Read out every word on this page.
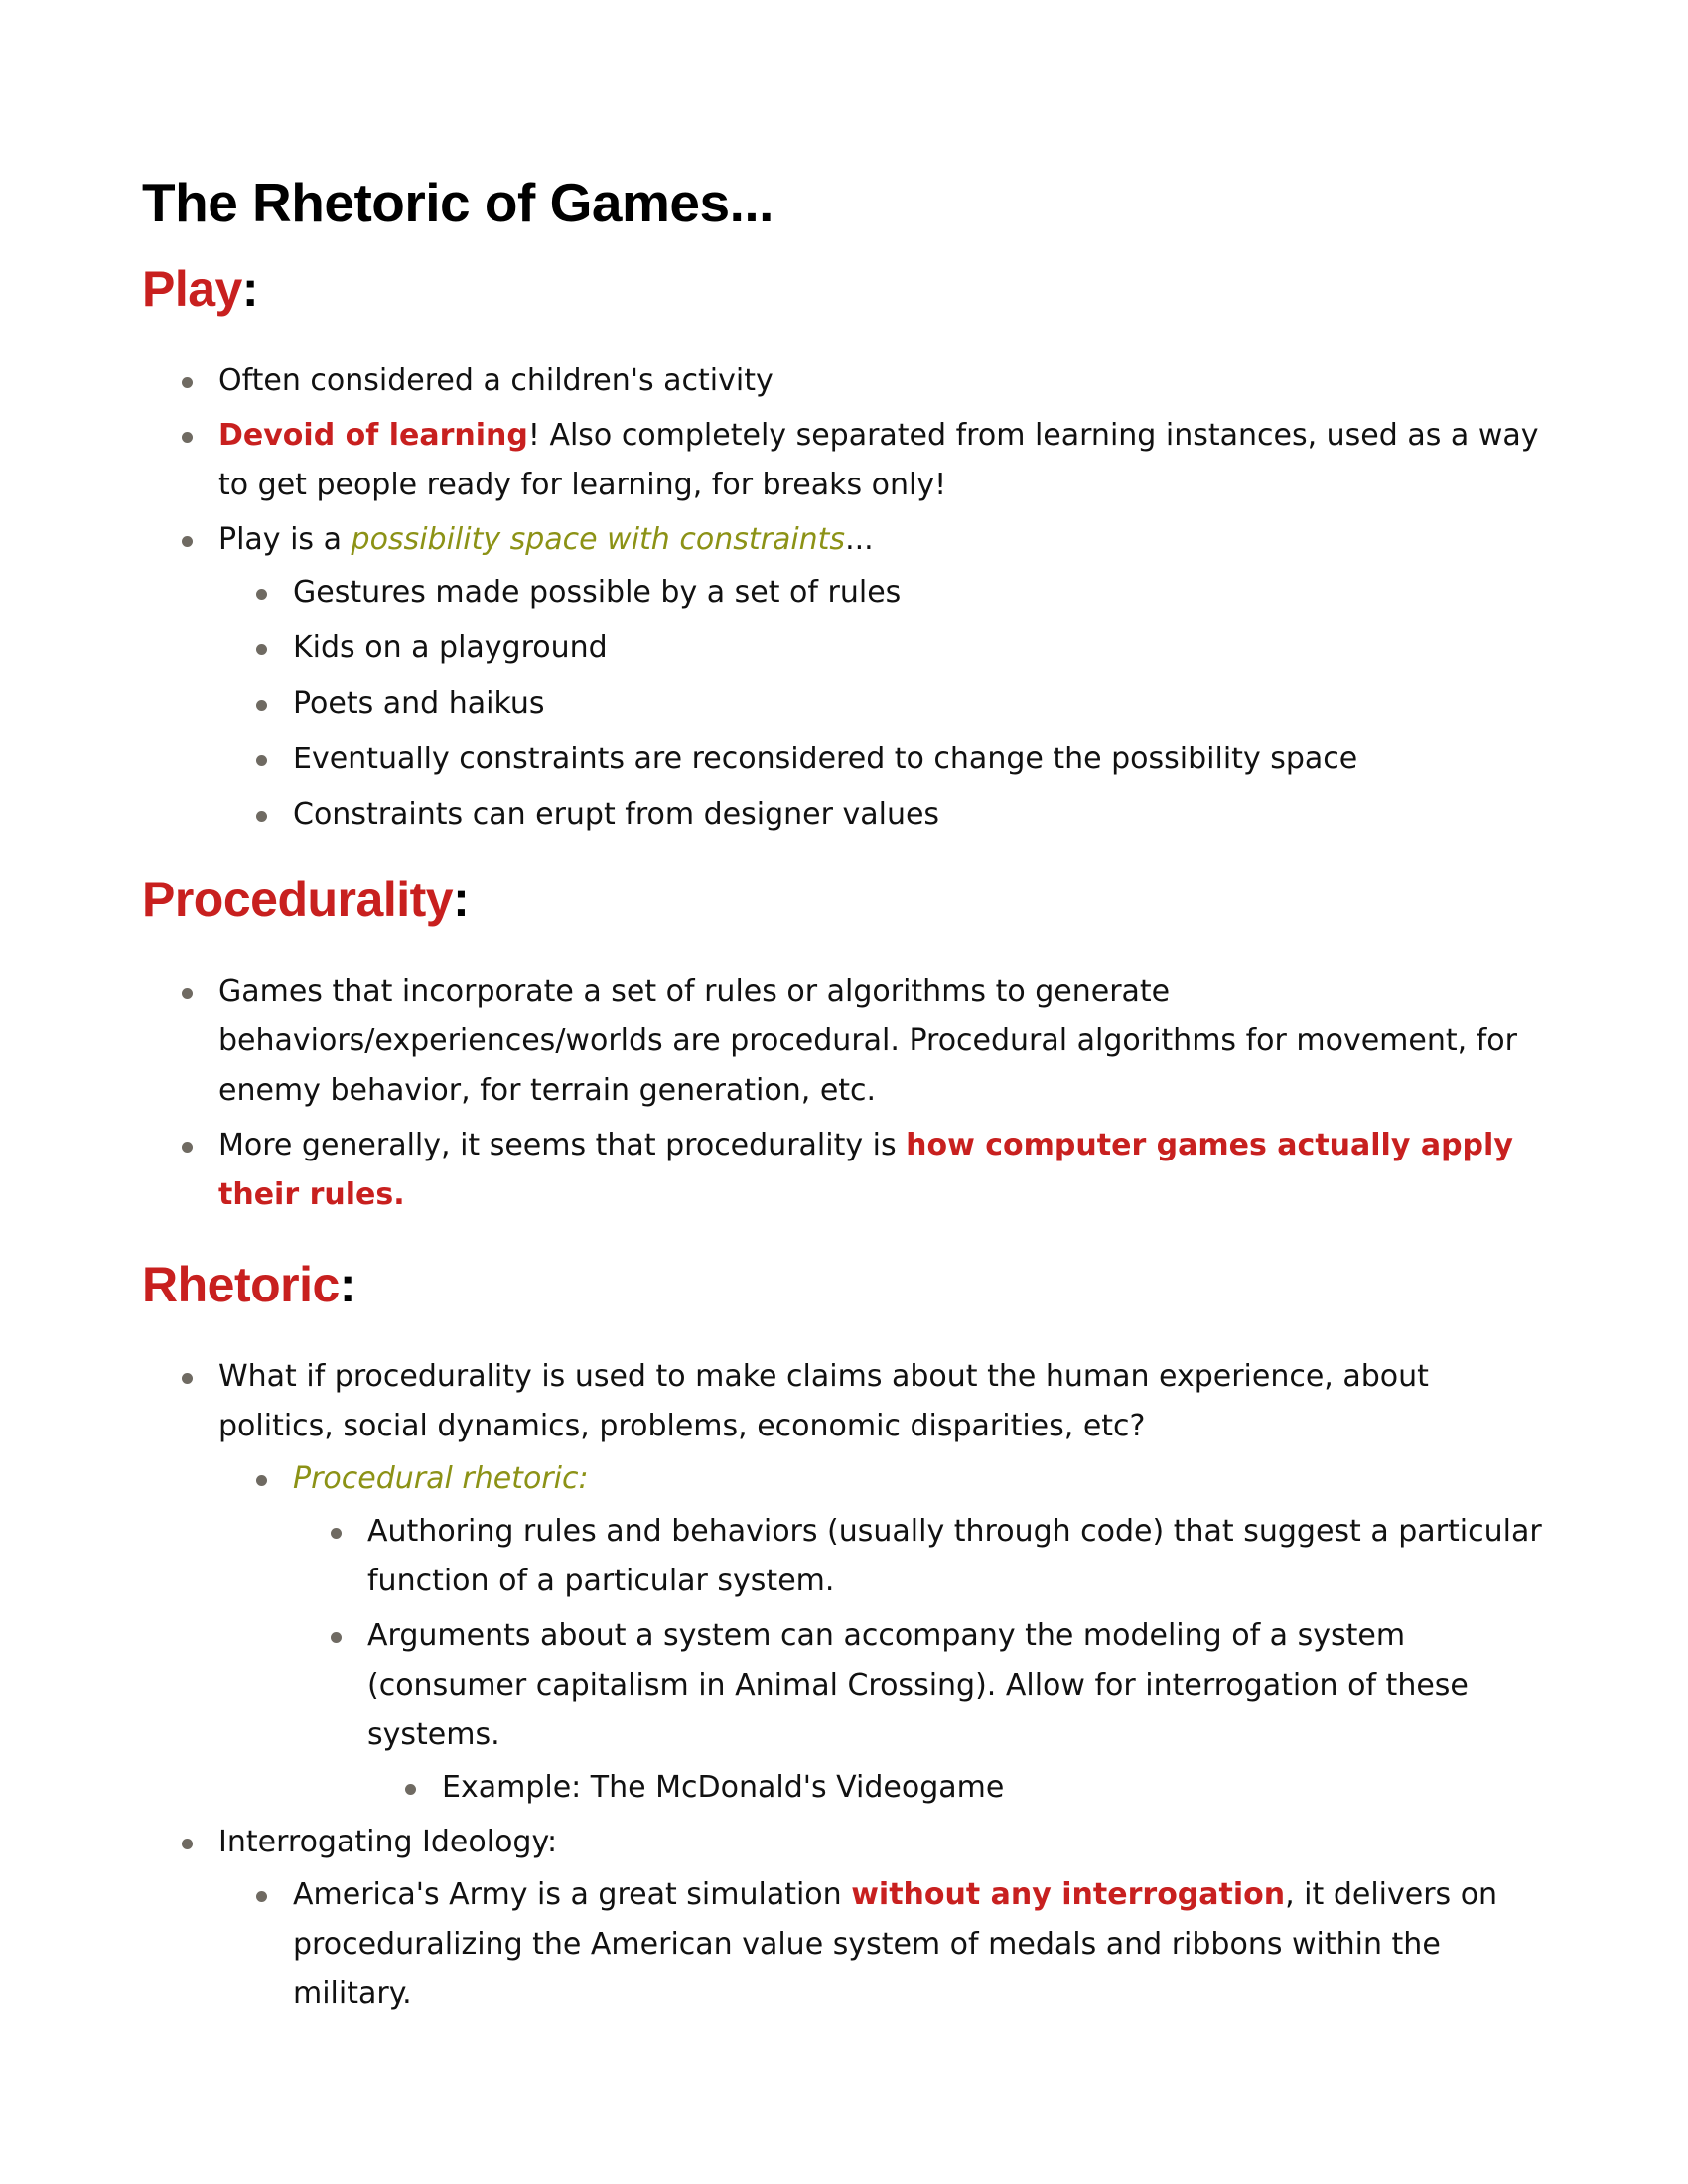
The Rhetoric of Games...
Play:
Often considered a children's activity
Devoid of learning! Also completely separated from learning instances, used as a way to get people ready for learning, for breaks only!
Play is a possibility space with constraints...
Gestures made possible by a set of rules
Kids on a playground
Poets and haikus
Eventually constraints are reconsidered to change the possibility space
Constraints can erupt from designer values
Procedurality:
Games that incorporate a set of rules or algorithms to generate behaviors/experiences/worlds are procedural. Procedural algorithms for movement, for enemy behavior, for terrain generation, etc.
More generally, it seems that procedurality is how computer games actually apply their rules.
Rhetoric:
What if procedurality is used to make claims about the human experience, about politics, social dynamics, problems, economic disparities, etc?
Procedural rhetoric:
Authoring rules and behaviors (usually through code) that suggest a particular function of a particular system.
Arguments about a system can accompany the modeling of a system (consumer capitalism in Animal Crossing). Allow for interrogation of these systems.
Example: The McDonald's Videogame
Interrogating Ideology:
America's Army is a great simulation without any interrogation, it delivers on proceduralizing the American value system of medals and ribbons within the military.
